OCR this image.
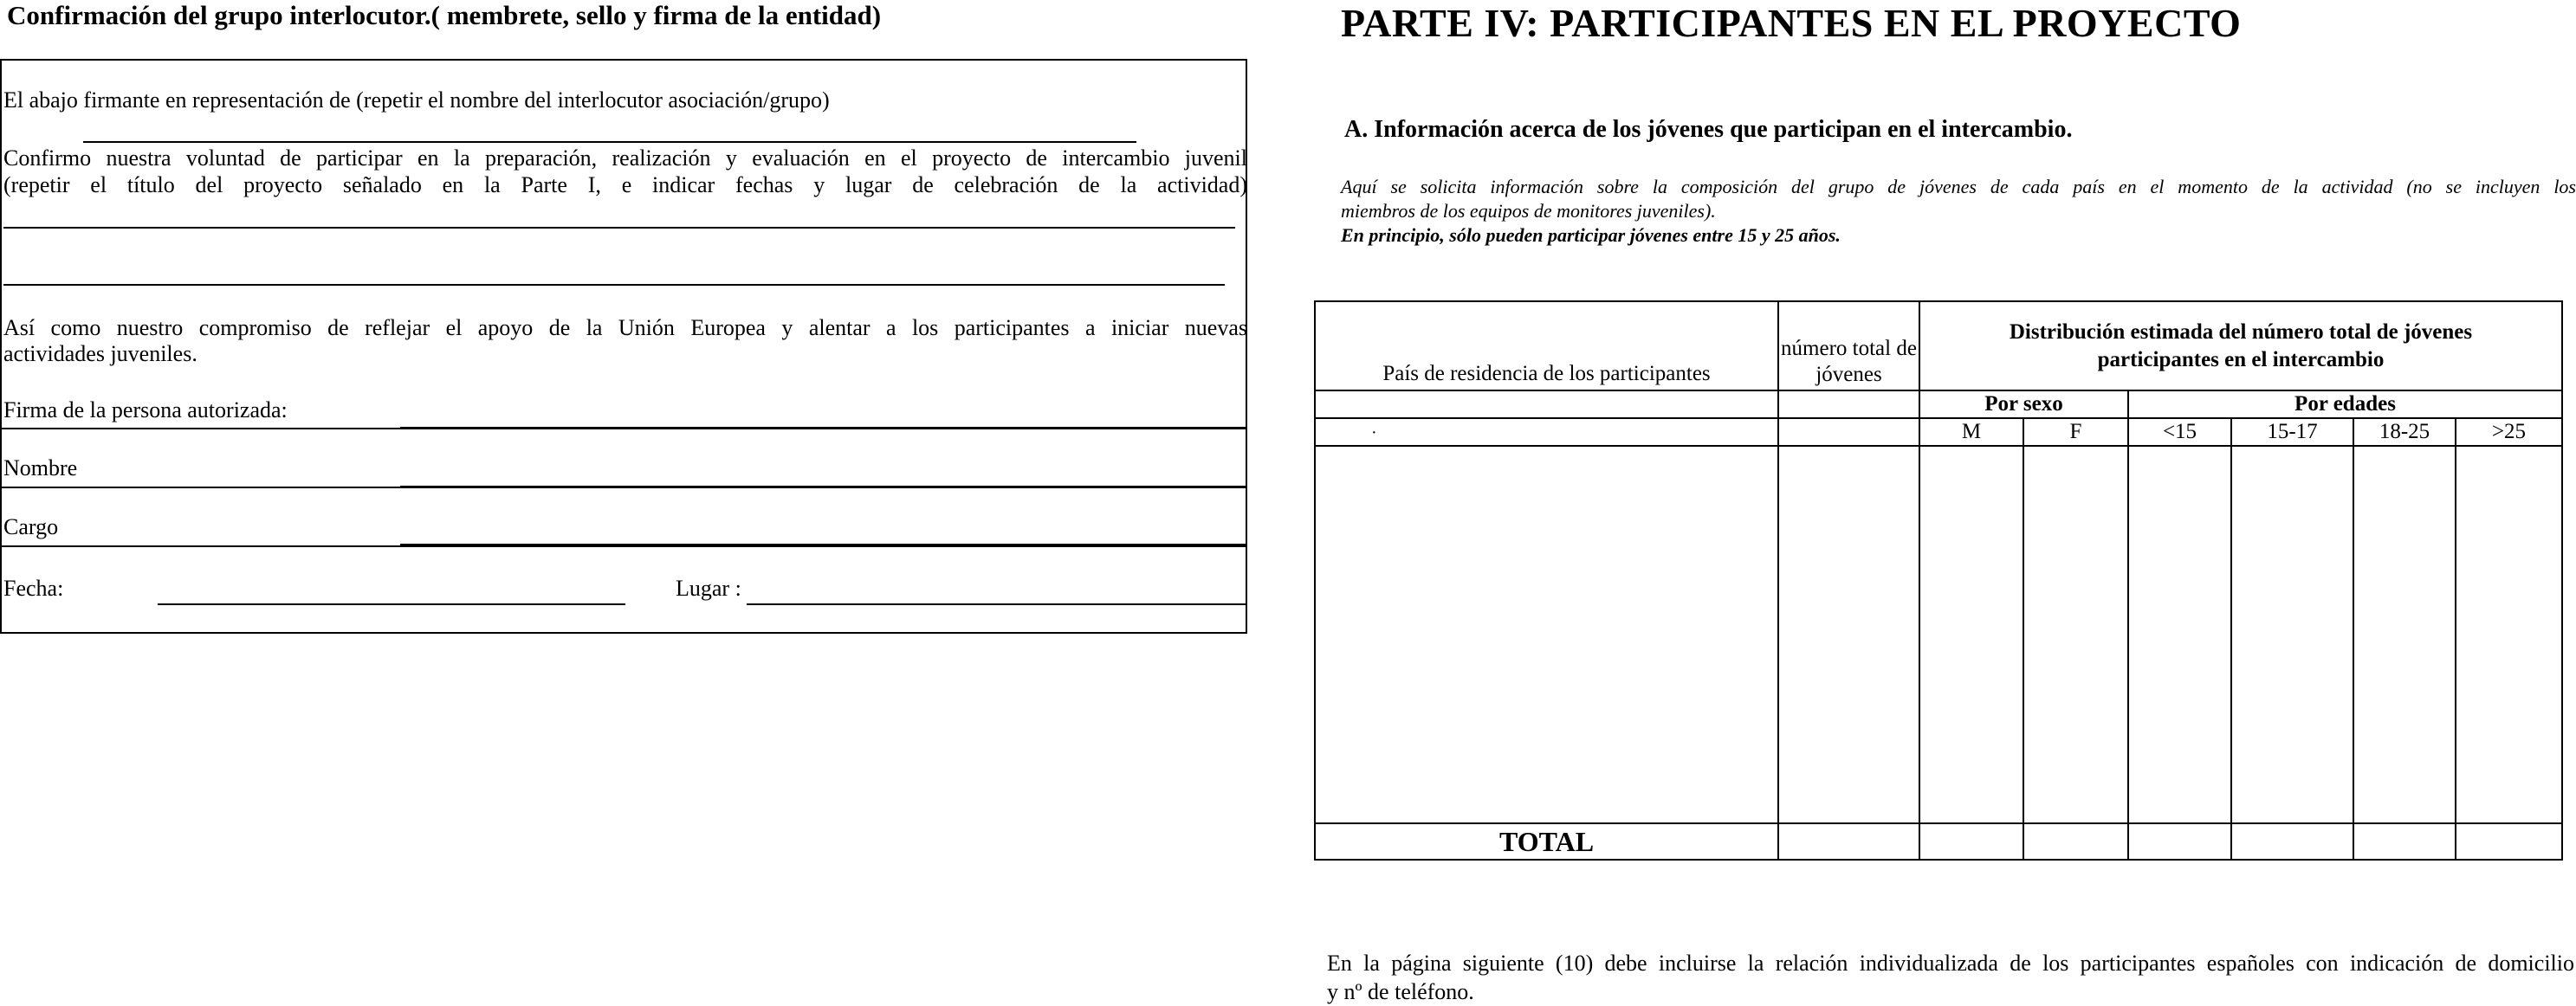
Confirmación del grupo interlocutor.( membrete, sello y firma de la entidad)
El abajo firmante en representación de (repetir el nombre del interlocutor asociación/grupo)
Confirmo nuestra voluntad de participar en la preparación, realización y evaluación en el proyecto de intercambio juvenil
(repetir el título del proyecto señalado en la Parte I, e indicar fechas y lugar de celebración de la actividad)
Así como nuestro compromiso de reflejar el apoyo de la Unión Europea y alentar a los participantes a iniciar nuevas
actividades juveniles.
Firma de la persona autorizada:
Nombre
Cargo
Fecha:	Lugar :
PARTE IV: PARTICIPANTES EN EL PROYECTO
A. Información acerca de los jóvenes que participan en el intercambio.
Aquí se solicita información sobre la composición del grupo de jóvenes de cada país en el momento de la actividad (no se incluyen los
miembros de los equipos de monitores juveniles).
En principio, sólo pueden participar jóvenes entre 15 y 25 años.
País de residencia de los participantes	número total de jóvenes	Distribución estimada del número total de jóvenes participantes en el intercambio					

		Por sexo		Por edades			
·		M	F	<15	15-17	18-25	>25

TOTAL							
En la página siguiente (10) debe incluirse la relación individualizada de los participantes españoles con indicación de domicilio
y nº de teléfono.
